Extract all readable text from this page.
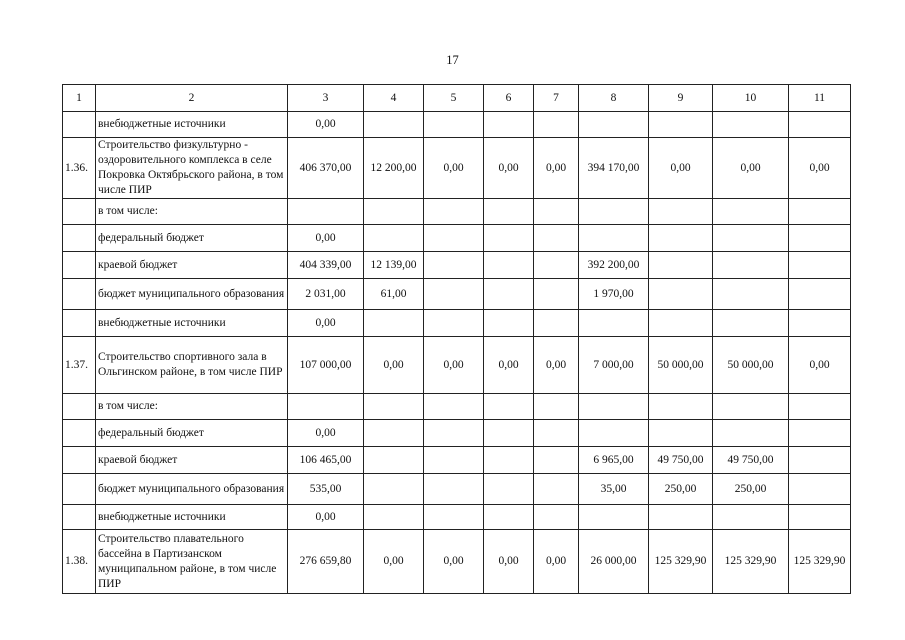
17
1	2	3	4	5	6	7	8	9	10	11
	внебюджетные источники	0,00								
1.36.	Строительство физкультурно - оздоровительного комплекса в селе Покровка Октябрьского района, в том числе ПИР	406 370,00	12 200,00	0,00	0,00	0,00	394 170,00	0,00	0,00	0,00
	в том числе:									
	федеральный бюджет	0,00								
	краевой бюджет	404 339,00	12 139,00				392 200,00			
	бюджет муниципального образования	2 031,00	61,00				1 970,00			
	внебюджетные источники	0,00								
1.37.	Строительство спортивного зала в Ольгинском районе, в том числе ПИР	107 000,00	0,00	0,00	0,00	0,00	7 000,00	50 000,00	50 000,00	0,00
	в том числе:									
	федеральный бюджет	0,00								
	краевой бюджет	106 465,00					6 965,00	49 750,00	49 750,00	
	бюджет муниципального образования	535,00					35,00	250,00	250,00	
	внебюджетные источники	0,00								
1.38.	Строительство плавательного бассейна в Партизанском муниципальном районе, в том числе ПИР	276 659,80	0,00	0,00	0,00	0,00	26 000,00	125 329,90	125 329,90	125 329,90
